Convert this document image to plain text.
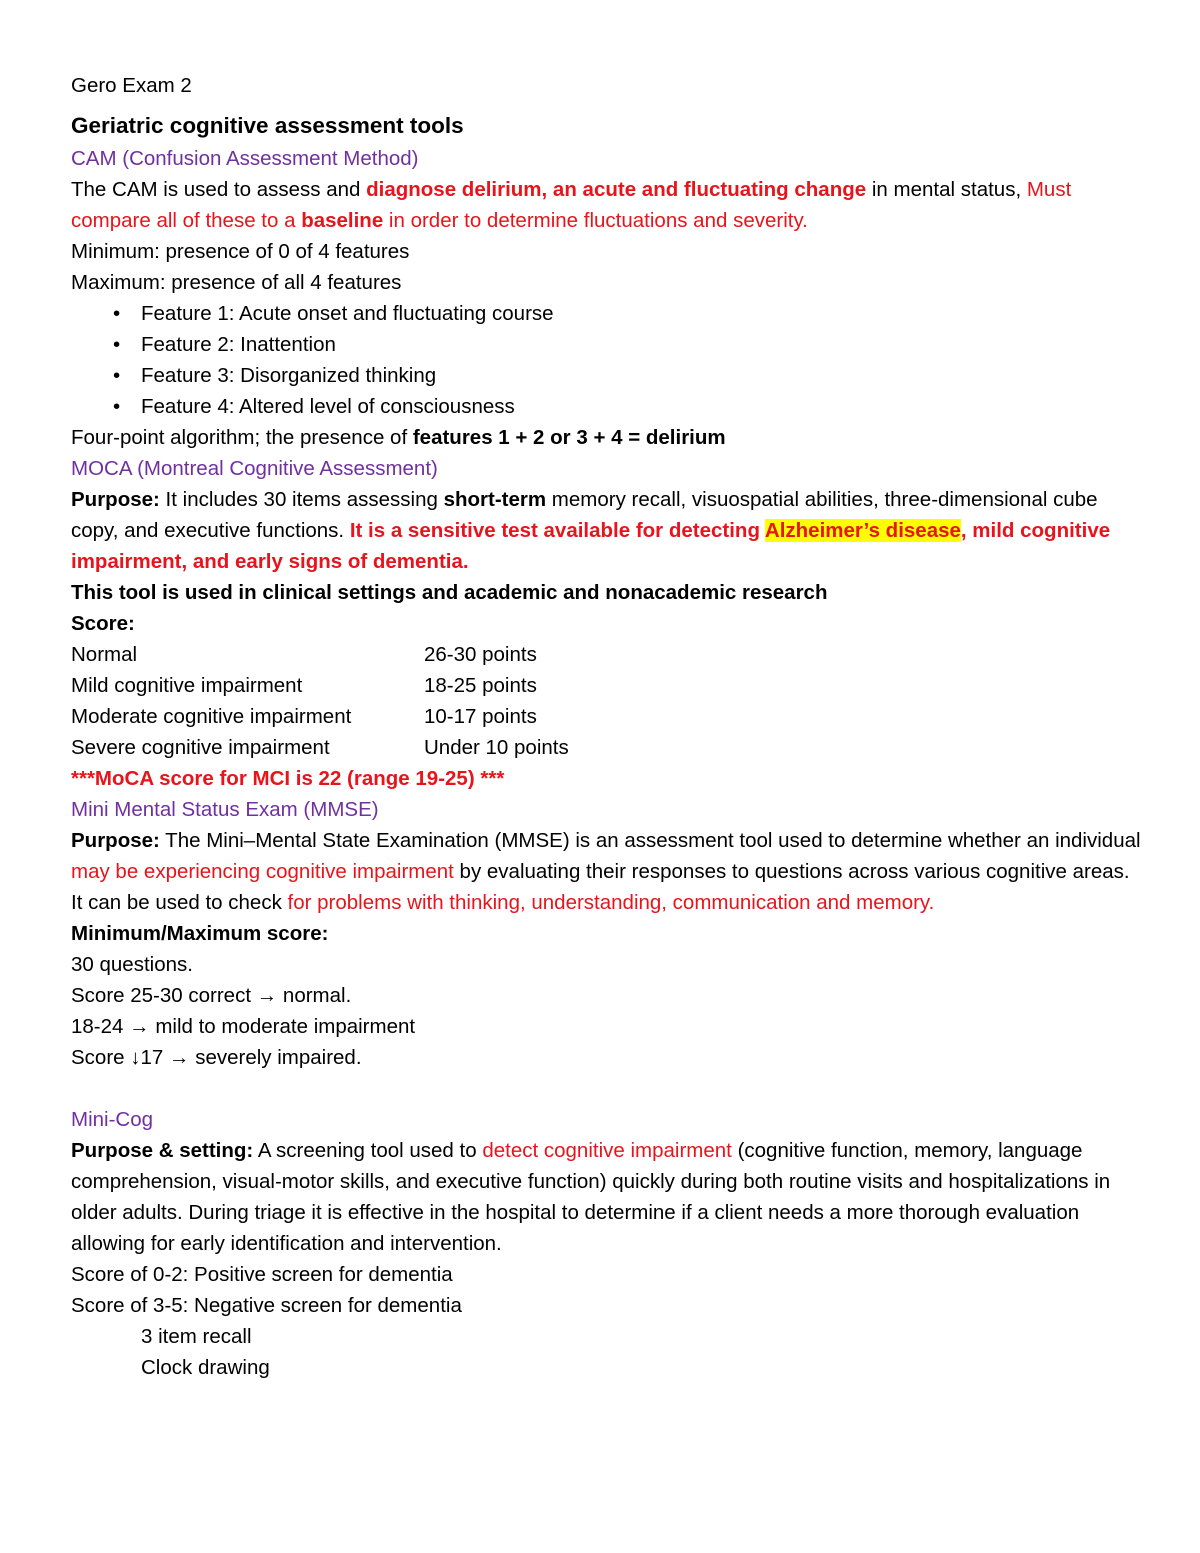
Gero Exam 2
Geriatric cognitive assessment tools
CAM (Confusion Assessment Method)
The CAM is used to assess and diagnose delirium, an acute and fluctuating change in mental status, Must compare all of these to a baseline in order to determine fluctuations and severity.
Minimum: presence of 0 of 4 features
Maximum: presence of all 4 features
• Feature 1: Acute onset and fluctuating course
• Feature 2: Inattention
• Feature 3: Disorganized thinking
• Feature 4: Altered level of consciousness
Four-point algorithm; the presence of features 1 + 2 or 3 + 4 = delirium
MOCA (Montreal Cognitive Assessment)
Purpose: It includes 30 items assessing short-term memory recall, visuospatial abilities, three-dimensional cube copy, and executive functions. It is a sensitive test available for detecting Alzheimer’s disease, mild cognitive impairment, and early signs of dementia.
This tool is used in clinical settings and academic and nonacademic research
Score:
Normal	26-30 points
Mild cognitive impairment	18-25 points
Moderate cognitive impairment	10-17 points
Severe cognitive impairment	Under 10 points
***MoCA score for MCI is 22 (range 19-25) ***
Mini Mental Status Exam (MMSE)
Purpose: The Mini–Mental State Examination (MMSE) is an assessment tool used to determine whether an individual may be experiencing cognitive impairment by evaluating their responses to questions across various cognitive areas.
It can be used to check for problems with thinking, understanding, communication and memory.
Minimum/Maximum score:
30 questions.
Score 25-30 correct → normal.
18-24 → mild to moderate impairment
Score ↓17 → severely impaired.
Mini-Cog
Purpose & setting: A screening tool used to detect cognitive impairment (cognitive function, memory, language comprehension, visual-motor skills, and executive function) quickly during both routine visits and hospitalizations in older adults. During triage it is effective in the hospital to determine if a client needs a more thorough evaluation allowing for early identification and intervention.
Score of 0-2: Positive screen for dementia
Score of 3-5: Negative screen for dementia
3 item recall
Clock drawing
